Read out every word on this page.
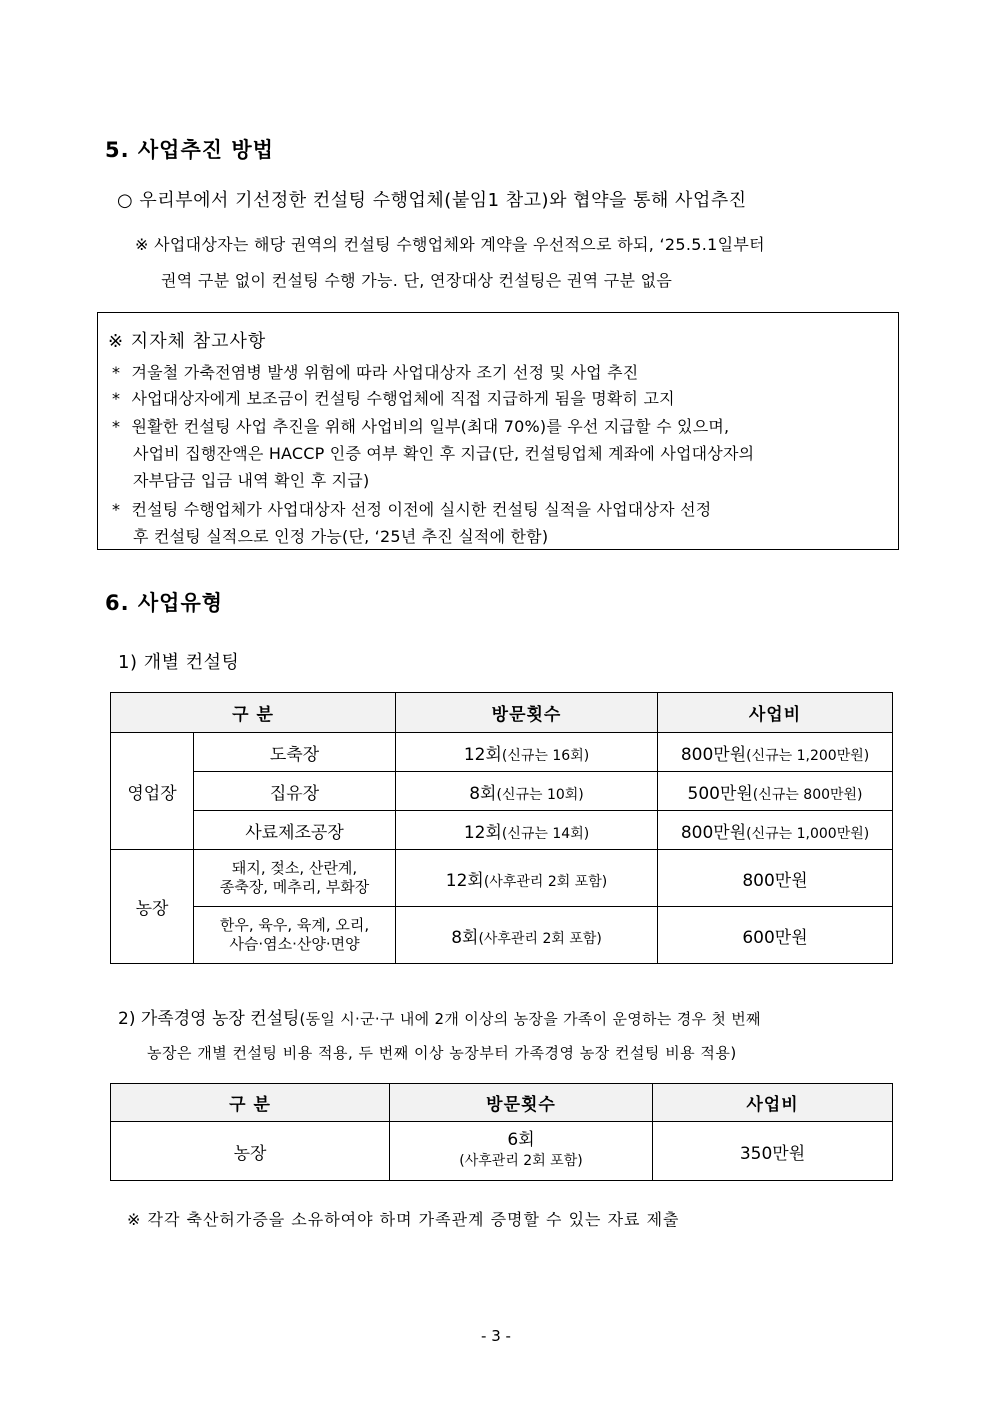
5. 사업추진 방법
○ 우리부에서 기선정한 컨설팅 수행업체(붙임1 참고)와 협약을 통해 사업추진
※ 사업대상자는 해당 권역의 컨설팅 수행업체와 계약을 우선적으로 하되, ‘25.5.1일부터
권역 구분 없이 컨설팅 수행 가능. 단, 연장대상 컨설팅은 권역 구분 없음
※ 지자체 참고사항
* 겨울철 가축전염병 발생 위험에 따라 사업대상자 조기 선정 및 사업 추진
* 사업대상자에게 보조금이 컨설팅 수행업체에 직접 지급하게 됨을 명확히 고지
* 원활한 컨설팅 사업 추진을 위해 사업비의 일부(최대 70%)를 우선 지급할 수 있으며,
사업비 집행잔액은 HACCP 인증 여부 확인 후 지급(단, 컨설팅업체 계좌에 사업대상자의
자부담금 입금 내역 확인 후 지급)
* 컨설팅 수행업체가 사업대상자 선정 이전에 실시한 컨설팅 실적을 사업대상자 선정
후 컨설팅 실적으로 인정 가능(단, ‘25년 추진 실적에 한함)
6. 사업유형
1) 개별 컨설팅
구 분		방문횟수	사업비
영업장	도축장	12회(신규는 16회)	800만원(신규는 1,200만원)
	집유장	8회(신규는 10회)	500만원(신규는 800만원)
	사료제조공장	12회(신규는 14회)	800만원(신규는 1,000만원)
농장	돼지, 젖소, 산란계,
종축장, 메추리, 부화장	12회(사후관리 2회 포함)	800만원

	한우, 육우, 육계, 오리,
사슴·염소·산양·면양	8회(사후관리 2회 포함)	600만원
2) 가족경영 농장 컨설팅(동일 시·군·구 내에 2개 이상의 농장을 가족이 운영하는 경우 첫 번째
농장은 개별 컨설팅 비용 적용, 두 번째 이상 농장부터 가족경영 농장 컨설팅 비용 적용)
구 분	방문횟수	사업비
농장	6회
(사후관리 2회 포함)	350만원
※ 각각 축산허가증을 소유하여야 하며 가족관계 증명할 수 있는 자료 제출
- 3 -
